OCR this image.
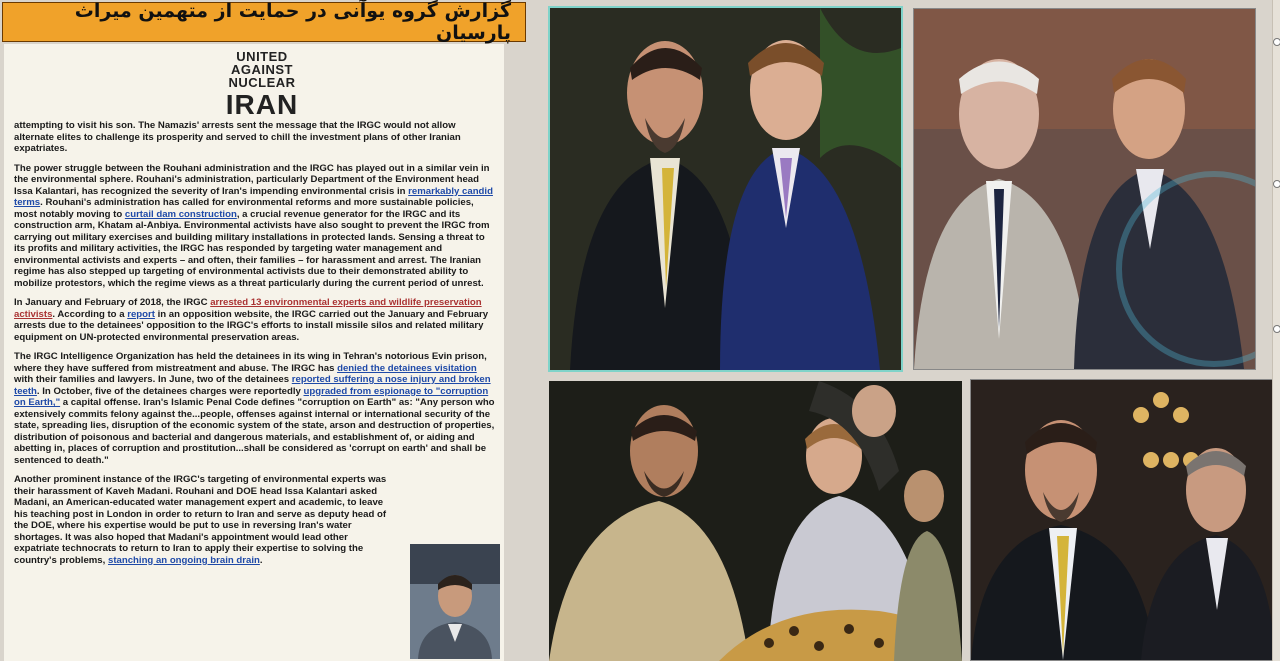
گزارش گروه یوآنی در حمایت از متهمین میراث پارسیان
UNITED
AGAINST
NUCLEAR
IRAN

attempting to visit his son. The Namazis' arrests sent the message that the IRGC would not allow alternate elites to challenge its prosperity and served to chill the investment plans of other Iranian expatriates.

The power struggle between the Rouhani administration and the IRGC has played out in a similar vein in the environmental sphere. Rouhani's administration, particularly Department of the Environment head Issa Kalantari, has recognized the severity of Iran's impending environmental crisis in remarkably candid terms. Rouhani's administration has called for environmental reforms and more sustainable policies, most notably moving to curtail dam construction, a crucial revenue generator for the IRGC and its construction arm, Khatam al-Anbiya. Environmental activists have also sought to prevent the IRGC from carrying out military exercises and building military installations in protected lands. Sensing a threat to its profits and military activities, the IRGC has responded by targeting water management and environmental activists and experts – and often, their families – for harassment and arrest. The Iranian regime has also stepped up targeting of environmental activists due to their demonstrated ability to mobilize protestors, which the regime views as a threat particularly during the current period of unrest.

In January and February of 2018, the IRGC arrested 13 environmental experts and wildlife preservation activists. According to a report in an opposition website, the IRGC carried out the January and February arrests due to the detainees' opposition to the IRGC's efforts to install missile silos and related military equipment on UN-protected environmental preservation areas.

The IRGC Intelligence Organization has held the detainees in its wing in Tehran's notorious Evin prison, where they have suffered from mistreatment and abuse. The IRGC has denied the detainees visitation with their families and lawyers. In June, two of the detainees reported suffering a nose injury and broken teeth. In October, five of the detainees charges were reportedly upgraded from espionage to "corruption on Earth," a capital offense. Iran's Islamic Penal Code defines "corruption on Earth" as: "Any person who extensively commits felony against the...people, offenses against internal or international security of the state, spreading lies, disruption of the economic system of the state, arson and destruction of properties, distribution of poisonous and bacterial and dangerous materials, and establishment of, or aiding and abetting in, places of corruption and prostitution...shall be considered as 'corrupt on earth' and shall be sentenced to death."

Another prominent instance of the IRGC's targeting of environmental experts was their harassment of Kaveh Madani. Rouhani and DOE head Issa Kalantari asked Madani, an American-educated water management expert and academic, to leave his teaching post in London in order to return to Iran and serve as deputy head of the DOE, where his expertise would be put to use in reversing Iran's water shortages. It was also hoped that Madani's appointment would lead other expatriate technocrats to return to Iran to apply their expertise to solving the country's problems, stanching an ongoing brain drain.
